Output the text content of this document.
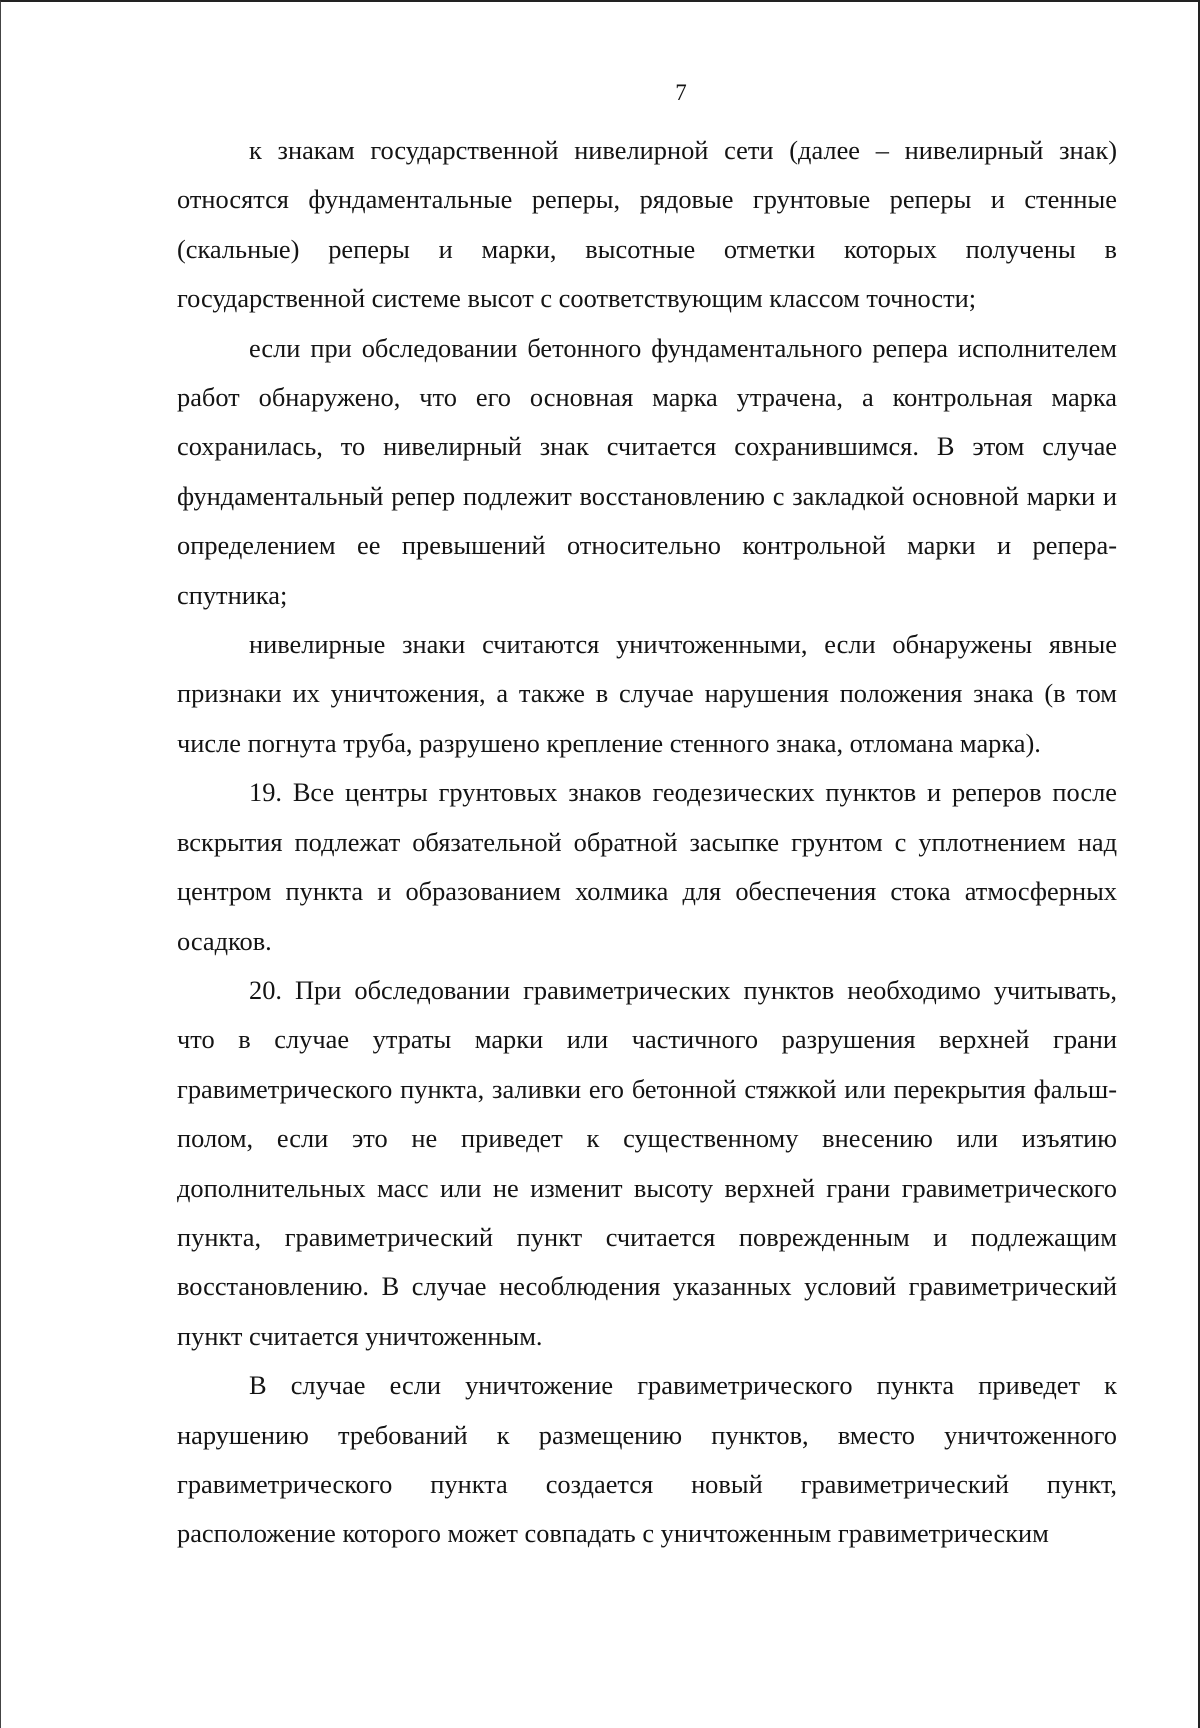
7

к знакам государственной нивелирной сети (далее – нивелирный знак) относятся фундаментальные реперы, рядовые грунтовые реперы и стенные (скальные) реперы и марки, высотные отметки которых получены в государственной системе высот с соответствующим классом точности;

если при обследовании бетонного фундаментального репера исполнителем работ обнаружено, что его основная марка утрачена, а контрольная марка сохранилась, то нивелирный знак считается сохранившимся. В этом случае фундаментальный репер подлежит восстановлению с закладкой основной марки и определением ее превышений относительно контрольной марки и репера-спутника;

нивелирные знаки считаются уничтоженными, если обнаружены явные признаки их уничтожения, а также в случае нарушения положения знака (в том числе погнута труба, разрушено крепление стенного знака, отломана марка).

19. Все центры грунтовых знаков геодезических пунктов и реперов после вскрытия подлежат обязательной обратной засыпке грунтом с уплотнением над центром пункта и образованием холмика для обеспечения стока атмосферных осадков.

20. При обследовании гравиметрических пунктов необходимо учитывать, что в случае утраты марки или частичного разрушения верхней грани гравиметрического пункта, заливки его бетонной стяжкой или перекрытия фальш-полом, если это не приведет к существенному внесению или изъятию дополнительных масс или не изменит высоту верхней грани гравиметрического пункта, гравиметрический пункт считается поврежденным и подлежащим восстановлению. В случае несоблюдения указанных условий гравиметрический пункт считается уничтоженным.

В случае если уничтожение гравиметрического пункта приведет к нарушению требований к размещению пунктов, вместо уничтоженного гравиметрического пункта создается новый гравиметрический пункт, расположение которого может совпадать с уничтоженным гравиметрическим
